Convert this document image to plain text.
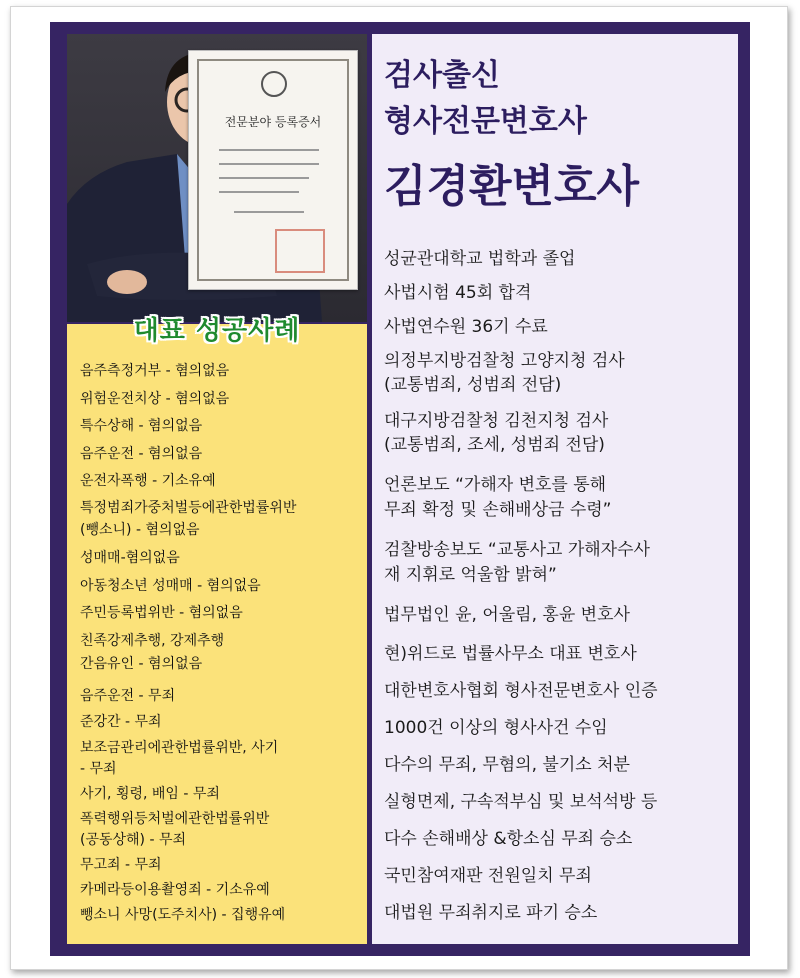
전문분야 등록증서
대표 성공사례
음주측정거부 - 혐의없음
위험운전치상 - 혐의없음
특수상해 - 혐의없음
음주운전 - 혐의없음
운전자폭행 - 기소유예
특정범죄가중처벌등에관한법률위반
(뺑소니) - 혐의없음
성매매-혐의없음
아동청소년 성매매 - 혐의없음
주민등록법위반 - 혐의없음
친족강제추행, 강제추행
간음유인 - 혐의없음
음주운전 - 무죄
준강간 - 무죄
보조금관리에관한법률위반, 사기
- 무죄
사기, 횡령, 배임 - 무죄
폭력행위등처벌에관한법률위반
(공동상해) - 무죄
무고죄 - 무죄
카메라등이용촬영죄 - 기소유예
뺑소니 사망(도주치사) - 집행유예
검사출신
형사전문변호사
김경환변호사
성균관대학교 법학과 졸업
사법시험 45회 합격
사법연수원 36기 수료
의정부지방검찰청 고양지청 검사
(교통범죄, 성범죄 전담)
대구지방검찰청 김천지청 검사
(교통범죄, 조세, 성범죄 전담)
언론보도 “가해자 변호를 통해
무죄 확정 및 손해배상금 수령”
검찰방송보도 “교통사고 가해자수사
재 지휘로 억울함 밝혀”
법무법인 윤, 어울림, 홍윤 변호사
현)위드로 법률사무소 대표 변호사
대한변호사협회 형사전문변호사 인증
1000건 이상의 형사사건 수임
다수의 무죄, 무혐의, 불기소 처분
실형면제, 구속적부심 및 보석석방 등
다수 손해배상 &항소심 무죄 승소
국민참여재판 전원일치 무죄
대법원 무죄취지로 파기 승소
